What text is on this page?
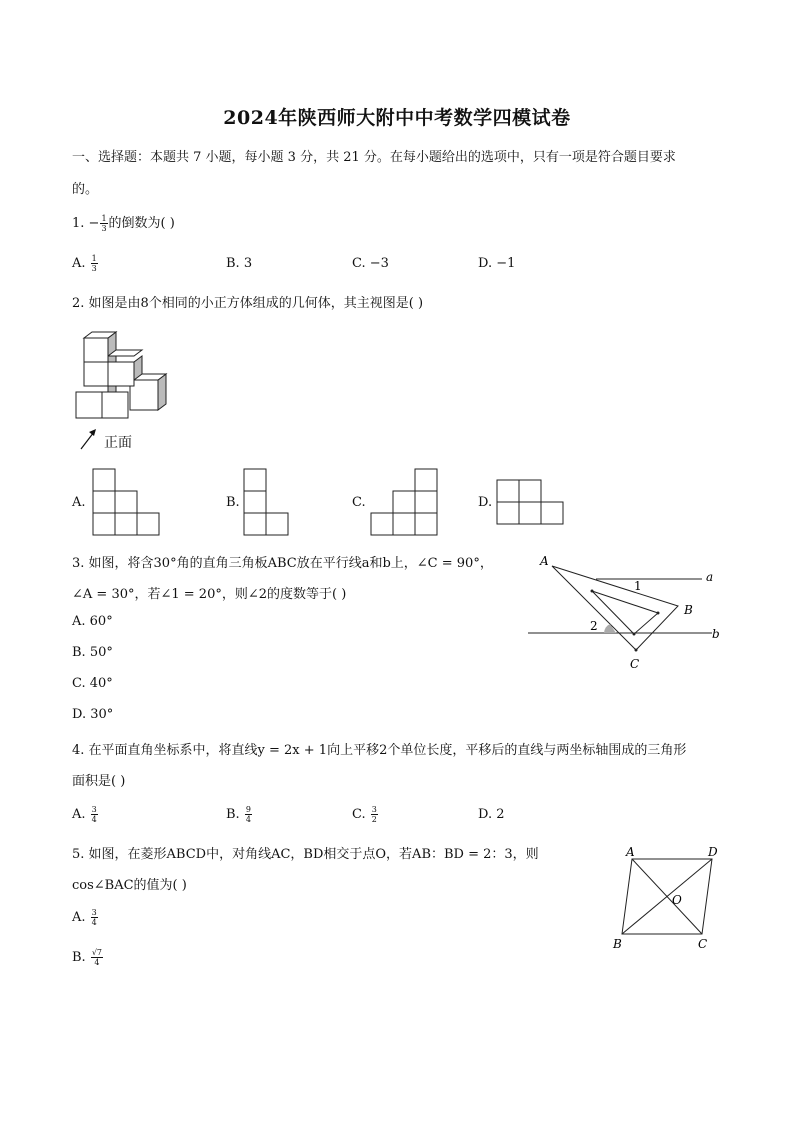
2024年陕西师大附中中考数学四模试卷
一、选择题：本题共 7 小题，每小题 3 分，共 21 分。在每小题给出的选项中，只有一项是符合题目要求
的。
1. − $\frac{1}{3}$ 的倒数为( )
A. $\frac{1}{3}$	B. 3	C. −3	D. −1
2. 如图是由8个相同的小正方体组成的几何体，其主视图是( )
正面
A.	B.	C.	D.
3. 如图，将含30°角的直角三角板ABC放在平行线a和b上，∠C = 90°，
∠A = 30°，若∠1 = 20°，则∠2的度数等于( )
A. 60°
B. 50°
C. 40°
D. 30°
A
B
C
a
b
1
2
4. 在平面直角坐标系中，将直线y = 2x + 1向上平移2个单位长度，平移后的直线与两坐标轴围成的三角形
面积是( )
A. $\frac{3}{4}$	B. $\frac{9}{4}$	C. $\frac{3}{2}$	D. 2
5. 如图，在菱形ABCD中，对角线AC，BD相交于点O，若AB：BD = 2：3，则
cos∠BAC的值为( )
A. $\frac{3}{4}$
B. $\frac{√7}{4}$
A	D
B	C
O
